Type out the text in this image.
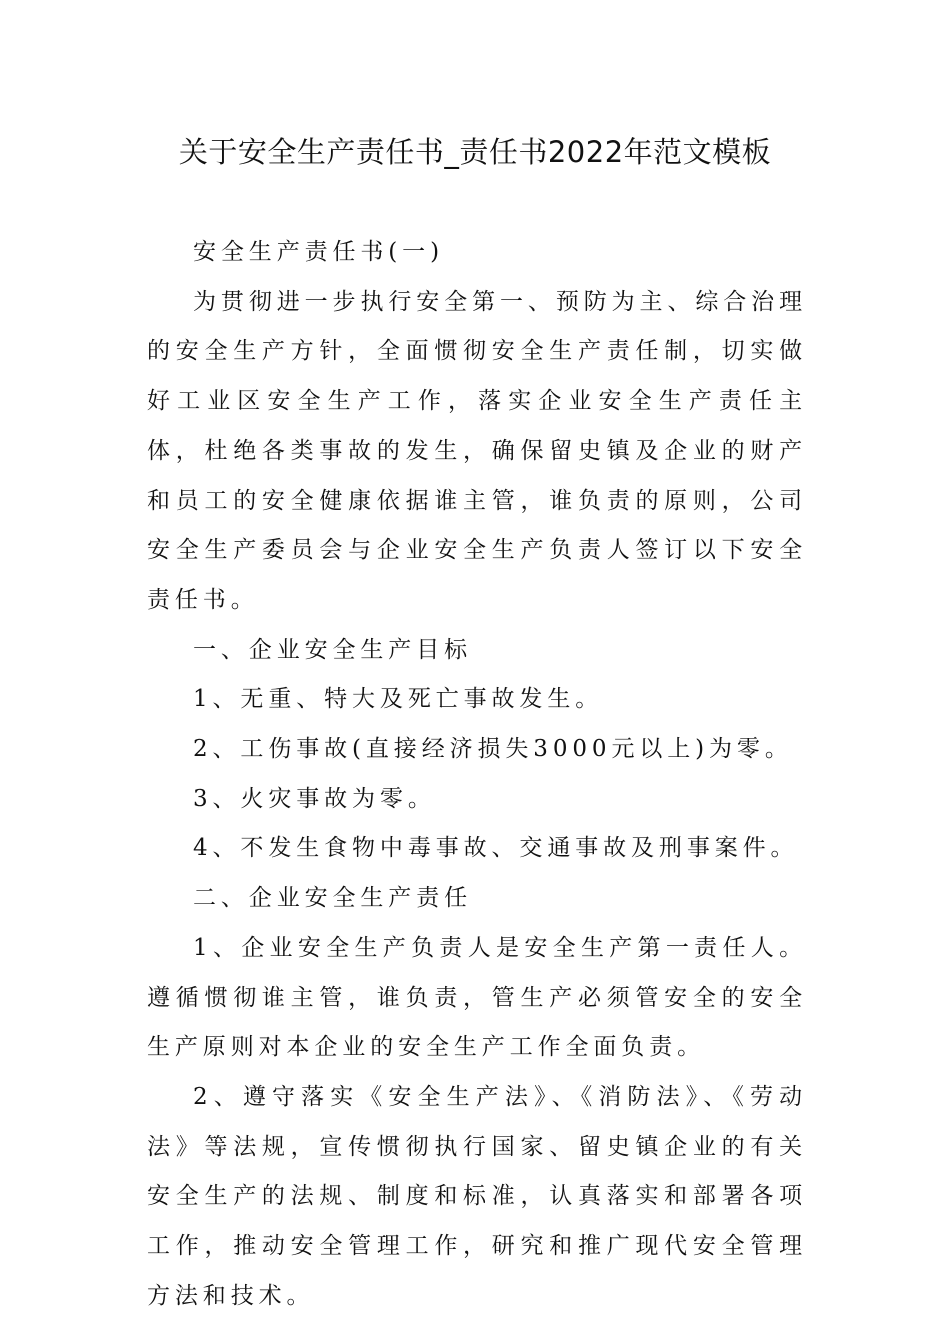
关于安全生产责任书_责任书2022年范文模板

安全生产责任书(一)

为贯彻进一步执行安全第一、预防为主、综合治理的安全生产方针，全面惯彻安全生产责任制，切实做好工业区安全生产工作，落实企业安全生产责任主体，杜绝各类事故的发生，确保留史镇及企业的财产和员工的安全健康依据谁主管，谁负责的原则，公司安全生产委员会与企业安全生产负责人签订以下安全责任书。

一、企业安全生产目标

1、无重、特大及死亡事故发生。

2、工伤事故(直接经济损失3000元以上)为零。

3、火灾事故为零。

4、不发生食物中毒事故、交通事故及刑事案件。

二、企业安全生产责任

1、企业安全生产负责人是安全生产第一责任人。遵循惯彻谁主管，谁负责，管生产必须管安全的安全生产原则对本企业的安全生产工作全面负责。

2、遵守落实《安全生产法》、《消防法》、《劳动法》等法规，宣传惯彻执行国家、留史镇企业的有关安全生产的法规、制度和标准，认真落实和部署各项工作，推动安全管理工作，研究和推广现代安全管理方法和技术。
